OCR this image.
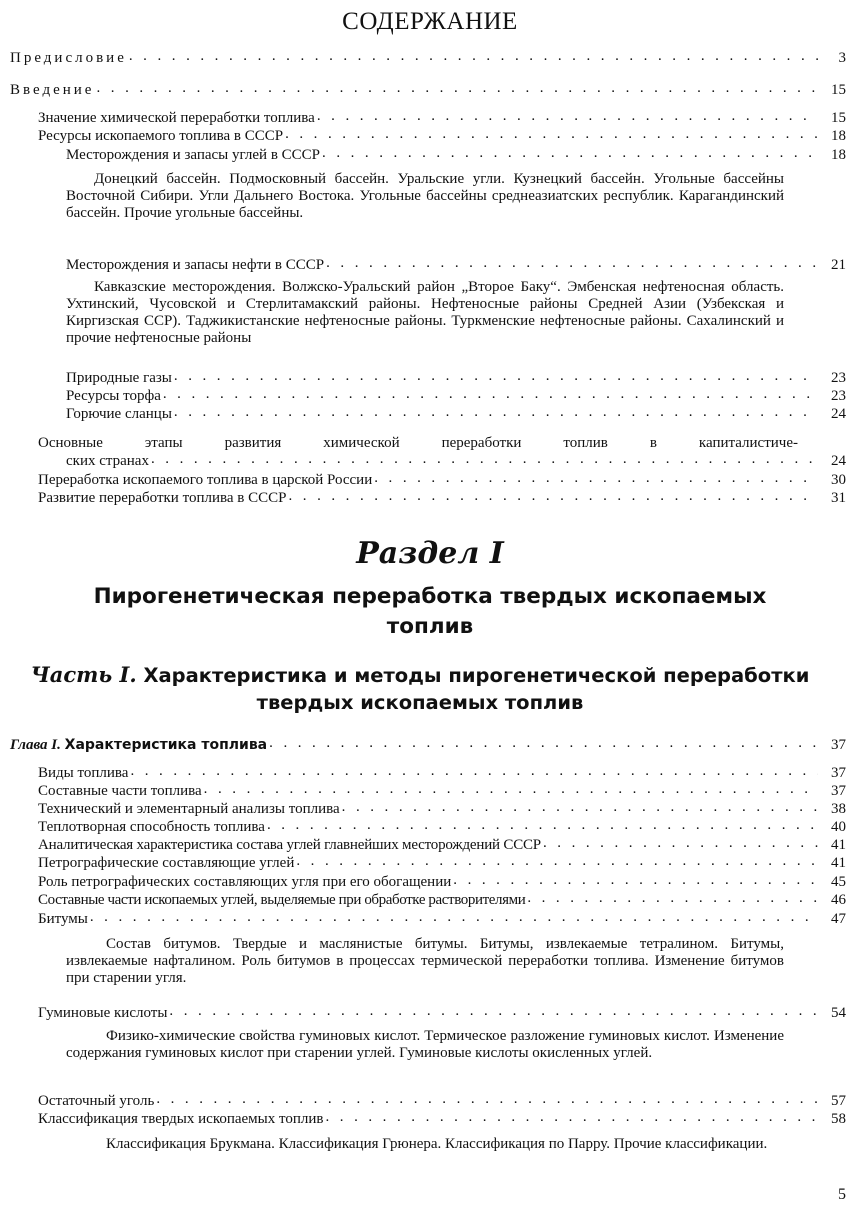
СОДЕРЖАНИЕ
Предисловие . . .	3
Введение . . .	15
Значение химической переработки топлива . . .	15
Ресурсы ископаемого топлива в СССР . . .	18
Месторождения и запасы углей в СССР . . .	18
Донецкий бассейн. Подмосковный бассейн. Уральские угли. Кузнецкий бассейн. Угольные бассейны Восточной Сибири. Угли Дальнего Востока. Угольные бассейны среднеазиатских республик. Карагандинский бассейн. Прочие угольные бассейны.
Месторождения и запасы нефти в СССР . . .	21
Кавказские месторождения. Волжско-Уральский район „Второе Баку“. Эмбенская нефтеносная область. Ухтинский, Чусовской и Стерлитамакский районы. Нефтеносные районы Средней Азии (Узбекская и Киргизская ССР). Таджикистанские нефтеносные районы. Туркменские нефтеносные районы. Сахалинский и прочие нефтеносные районы
Природные газы . . .	23
Ресурсы торфа . . .	23
Горючие сланцы . . .	24
Основные этапы развития химической переработки топлив в капиталистиче-
ских странах . . .	24
Переработка ископаемого топлива в царской России . . .	30
Развитие переработки топлива в СССР . . .	31
Раздел I
Пирогенетическая переработка твердых ископаемых топлив
Часть I. Характеристика и методы пирогенетической переработки твердых ископаемых топлив
Глава I. Характеристика топлива . . .	37
Виды топлива . . .	37
Составные части топлива . . .	37
Технический и элементарный анализы топлива . . .	38
Теплотворная способность топлива . . .	40
Аналитическая характеристика состава углей главнейших месторождений СССР . . .	41
Петрографические составляющие углей . . .	41
Роль петрографических составляющих угля при его обогащении . . .	45
Составные части ископаемых углей, выделяемые при обработке растворителями . . .	46
Битумы . . .	47
Состав битумов. Твердые и маслянистые битумы. Битумы, извлекаемые тетралином. Битумы, извлекаемые нафталином. Роль битумов в процессах термической переработки топлива. Изменение битумов при старении угля.
Гуминовые кислоты . . .	54
Физико-химические свойства гуминовых кислот. Термическое разложение гуминовых кислот. Изменение содержания гуминовых кислот при старении углей. Гуминовые кислоты окисленных углей.
Остаточный уголь . . .	57
Классификация твердых ископаемых топлив . . .	58
Классификация Брукмана. Классификация Грюнера. Классификация по Парру. Прочие классификации.
5
